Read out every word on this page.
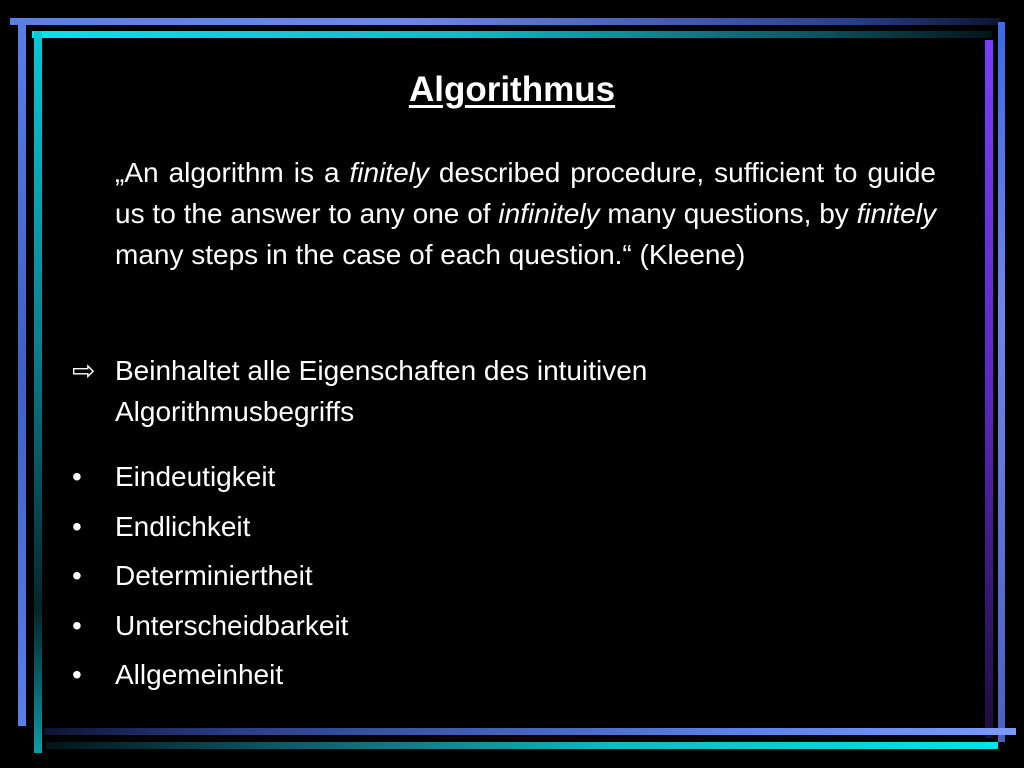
Algorithmus
„An algorithm is a finitely described procedure, sufficient to guide us to the answer to any one of infinitely many questions, by finitely many steps in the case of each question.“ (Kleene)
⇨ Beinhaltet alle Eigenschaften des intuitiven Algorithmusbegriffs
• Eindeutigkeit
• Endlichkeit
• Determiniertheit
• Unterscheidbarkeit
• Allgemeinheit
